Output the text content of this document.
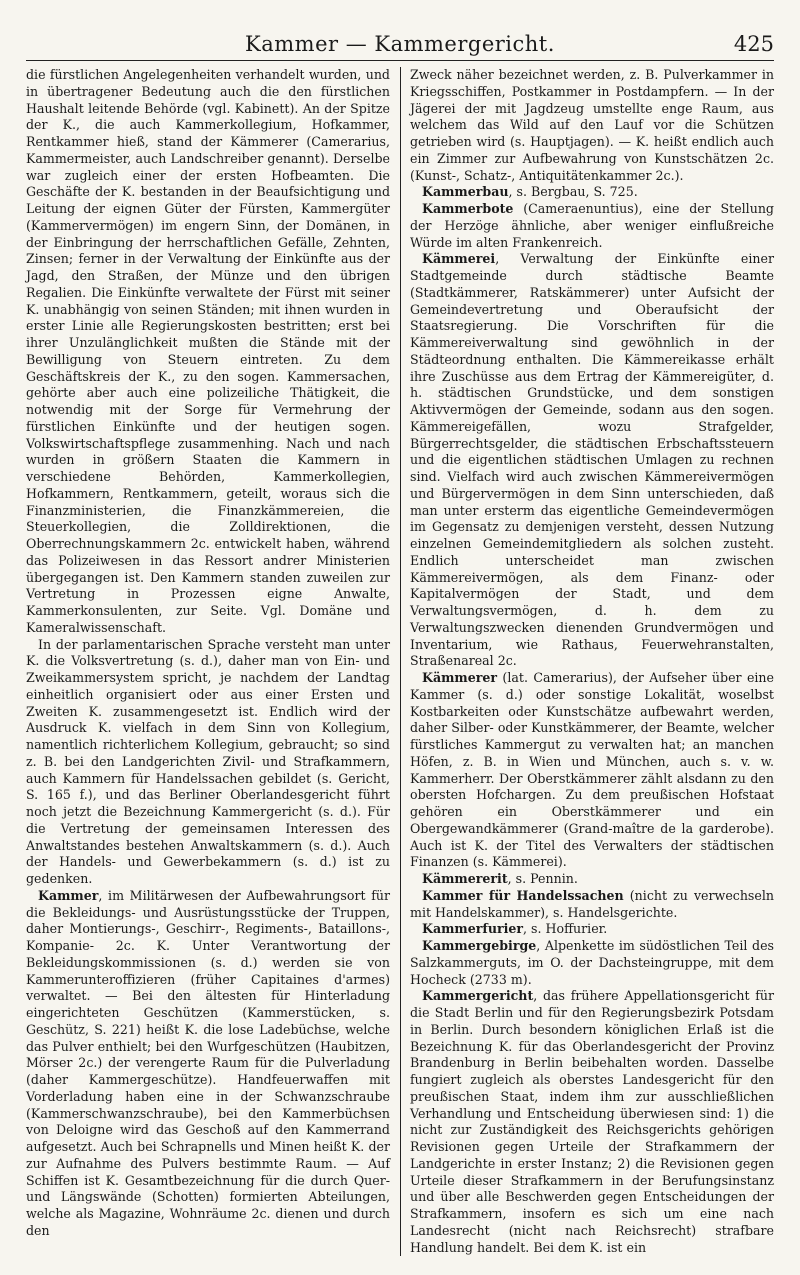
Kammer — Kammergericht.	425

die fürstlichen Angelegenheiten verhandelt wurden, und in übertragener Bedeutung auch die den fürstlichen Haushalt leitende Behörde (vgl. Kabinett). An der Spitze der K., die auch Kammerkollegium, Hofkammer, Rentkammer hieß, stand der Kämmerer (Camerarius, Kammermeister, auch Landschreiber genannt). Derselbe war zugleich einer der ersten Hofbeamten. Die Geschäfte der K. bestanden in der Beaufsichtigung und Leitung der eignen Güter der Fürsten, Kammergüter (Kammervermögen) im engern Sinn, der Domänen, in der Einbringung der herrschaftlichen Gefälle, Zehnten, Zinsen; ferner in der Verwaltung der Einkünfte aus der Jagd, den Straßen, der Münze und den übrigen Regalien. Die Einkünfte verwaltete der Fürst mit seiner K. unabhängig von seinen Ständen; mit ihnen wurden in erster Linie alle Regierungskosten bestritten; erst bei ihrer Unzulänglichkeit mußten die Stände mit der Bewilligung von Steuern eintreten. Zu dem Geschäftskreis der K., zu den sogen. Kammersachen, gehörte aber auch eine polizeiliche Thätigkeit, die notwendig mit der Sorge für Vermehrung der fürstlichen Einkünfte und der heutigen sogen. Volkswirtschaftspflege zusammenhing. Nach und nach wurden in größern Staaten die Kammern in verschiedene Behörden, Kammerkollegien, Hofkammern, Rentkammern, geteilt, woraus sich die Finanzministerien, die Finanzkämmereien, die Steuerkollegien, die Zolldirektionen, die Oberrechnungskammern 2c. entwickelt haben, während das Polizeiwesen in das Ressort andrer Ministerien übergegangen ist. Den Kammern standen zuweilen zur Vertretung in Prozessen eigne Anwalte, Kammerkonsulenten, zur Seite. Vgl. Domäne und Kameralwissenschaft.

In der parlamentarischen Sprache versteht man unter K. die Volksvertretung (s. d.), daher man von Ein- und Zweikammersystem spricht, je nachdem der Landtag einheitlich organisiert oder aus einer Ersten und Zweiten K. zusammengesetzt ist. Endlich wird der Ausdruck K. vielfach in dem Sinn von Kollegium, namentlich richterlichem Kollegium, gebraucht; so sind z. B. bei den Landgerichten Zivil- und Strafkammern, auch Kammern für Handelssachen gebildet (s. Gericht, S. 165 f.), und das Berliner Oberlandesgericht führt noch jetzt die Bezeichnung Kammergericht (s. d.). Für die Vertretung der gemeinsamen Interessen des Anwaltstandes bestehen Anwaltskammern (s. d.). Auch der Handels- und Gewerbekammern (s. d.) ist zu gedenken.

Kammer, im Militärwesen der Aufbewahrungsort für die Bekleidungs- und Ausrüstungsstücke der Truppen, daher Montierungs-, Geschirr-, Regiments-, Bataillons-, Kompanie- 2c. K. Unter Verantwortung der Bekleidungskommissionen (s. d.) werden sie von Kammerunteroffizieren (früher Capitaines d'armes) verwaltet. — Bei den ältesten für Hinterladung eingerichteten Geschützen (Kammerstücken, s. Geschütz, S. 221) heißt K. die lose Ladebüchse, welche das Pulver enthielt; bei den Wurfgeschützen (Haubitzen, Mörser 2c.) der verengerte Raum für die Pulverladung (daher Kammergeschütze). Handfeuerwaffen mit Vorderladung haben eine in der Schwanzschraube (Kammerschwanzschraube), bei den Kammerbüchsen von Deloigne wird das Geschoß auf den Kammerrand aufgesetzt. Auch bei Schrapnells und Minen heißt K. der zur Aufnahme des Pulvers bestimmte Raum. — Auf Schiffen ist K. Gesamtbezeichnung für die durch Quer- und Längswände (Schotten) formierten Abteilungen, welche als Magazine, Wohnräume 2c. dienen und durch den

Zweck näher bezeichnet werden, z. B. Pulverkammer in Kriegsschiffen, Postkammer in Postdampfern. — In der Jägerei der mit Jagdzeug umstellte enge Raum, aus welchem das Wild auf den Lauf vor die Schützen getrieben wird (s. Hauptjagen). — K. heißt endlich auch ein Zimmer zur Aufbewahrung von Kunstschätzen 2c. (Kunst-, Schatz-, Antiquitätenkammer 2c.).

Kammerbau, s. Bergbau, S. 725.

Kammerbote (Cameraenuntius), eine der Stellung der Herzöge ähnliche, aber weniger einflußreiche Würde im alten Frankenreich.

Kämmerei, Verwaltung der Einkünfte einer Stadtgemeinde durch städtische Beamte (Stadtkämmerer, Ratskämmerer) unter Aufsicht der Gemeindevertretung und Oberaufsicht der Staatsregierung. Die Vorschriften für die Kämmereiverwaltung sind gewöhnlich in der Städteordnung enthalten. Die Kämmereikasse erhält ihre Zuschüsse aus dem Ertrag der Kämmereigüter, d. h. städtischen Grundstücke, und dem sonstigen Aktivvermögen der Gemeinde, sodann aus den sogen. Kämmereigefällen, wozu Strafgelder, Bürgerrechtsgelder, die städtischen Erbschaftssteuern und die eigentlichen städtischen Umlagen zu rechnen sind. Vielfach wird auch zwischen Kämmereivermögen und Bürgervermögen in dem Sinn unterschieden, daß man unter ersterm das eigentliche Gemeindevermögen im Gegensatz zu demjenigen versteht, dessen Nutzung einzelnen Gemeindemitgliedern als solchen zusteht. Endlich unterscheidet man zwischen Kämmereivermögen, als dem Finanz- oder Kapitalvermögen der Stadt, und dem Verwaltungsvermögen, d. h. dem zu Verwaltungszwecken dienenden Grundvermögen und Inventarium, wie Rathaus, Feuerwehranstalten, Straßenareal 2c.

Kämmerer (lat. Camerarius), der Aufseher über eine Kammer (s. d.) oder sonstige Lokalität, woselbst Kostbarkeiten oder Kunstschätze aufbewahrt werden, daher Silber- oder Kunstkämmerer, der Beamte, welcher fürstliches Kammergut zu verwalten hat; an manchen Höfen, z. B. in Wien und München, auch s. v. w. Kammerherr. Der Oberstkämmerer zählt alsdann zu den obersten Hofchargen. Zu dem preußischen Hofstaat gehören ein Oberstkämmerer und ein Obergewandkämmerer (Grand-maître de la garderobe). Auch ist K. der Titel des Verwalters der städtischen Finanzen (s. Kämmerei).

Kämmererit, s. Pennin.

Kammer für Handelssachen (nicht zu verwechseln mit Handelskammer), s. Handelsgerichte.

Kammerfurier, s. Hoffurier.

Kammergebirge, Alpenkette im südöstlichen Teil des Salzkammerguts, im O. der Dachsteingruppe, mit dem Hocheck (2733 m).

Kammergericht, das frühere Appellationsgericht für die Stadt Berlin und für den Regierungsbezirk Potsdam in Berlin. Durch besondern königlichen Erlaß ist die Bezeichnung K. für das Oberlandesgericht der Provinz Brandenburg in Berlin beibehalten worden. Dasselbe fungiert zugleich als oberstes Landesgericht für den preußischen Staat, indem ihm zur ausschließlichen Verhandlung und Entscheidung überwiesen sind: 1) die nicht zur Zuständigkeit des Reichsgerichts gehörigen Revisionen gegen Urteile der Strafkammern der Landgerichte in erster Instanz; 2) die Revisionen gegen Urteile dieser Strafkammern in der Berufungsinstanz und über alle Beschwerden gegen Entscheidungen der Strafkammern, insofern es sich um eine nach Landesrecht (nicht nach Reichsrecht) strafbare Handlung handelt. Bei dem K. ist ein
